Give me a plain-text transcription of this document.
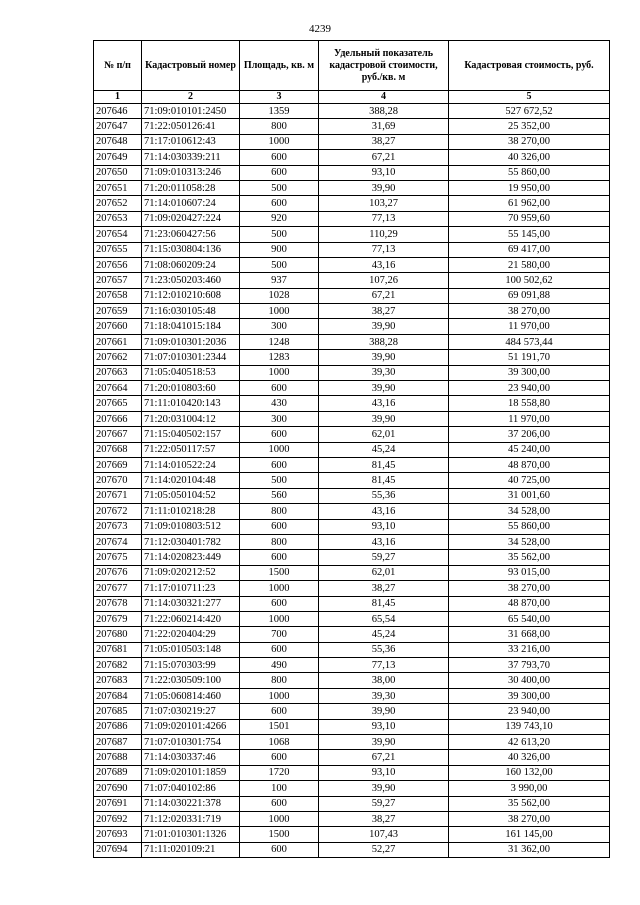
4239
№ п/п	Кадастровый номер	Площадь, кв. м	Удельный показатель кадастровой стоимости, руб./кв. м	Кадастровая стоимость, руб.
1	2	3	4	5
207646	71:09:010101:2450	1359	388,28	527 672,52
207647	71:22:050126:41	800	31,69	25 352,00
207648	71:17:010612:43	1000	38,27	38 270,00
207649	71:14:030339:211	600	67,21	40 326,00
207650	71:09:010313:246	600	93,10	55 860,00
207651	71:20:011058:28	500	39,90	19 950,00
207652	71:14:010607:24	600	103,27	61 962,00
207653	71:09:020427:224	920	77,13	70 959,60
207654	71:23:060427:56	500	110,29	55 145,00
207655	71:15:030804:136	900	77,13	69 417,00
207656	71:08:060209:24	500	43,16	21 580,00
207657	71:23:050203:460	937	107,26	100 502,62
207658	71:12:010210:608	1028	67,21	69 091,88
207659	71:16:030105:48	1000	38,27	38 270,00
207660	71:18:041015:184	300	39,90	11 970,00
207661	71:09:010301:2036	1248	388,28	484 573,44
207662	71:07:010301:2344	1283	39,90	51 191,70
207663	71:05:040518:53	1000	39,30	39 300,00
207664	71:20:010803:60	600	39,90	23 940,00
207665	71:11:010420:143	430	43,16	18 558,80
207666	71:20:031004:12	300	39,90	11 970,00
207667	71:15:040502:157	600	62,01	37 206,00
207668	71:22:050117:57	1000	45,24	45 240,00
207669	71:14:010522:24	600	81,45	48 870,00
207670	71:14:020104:48	500	81,45	40 725,00
207671	71:05:050104:52	560	55,36	31 001,60
207672	71:11:010218:28	800	43,16	34 528,00
207673	71:09:010803:512	600	93,10	55 860,00
207674	71:12:030401:782	800	43,16	34 528,00
207675	71:14:020823:449	600	59,27	35 562,00
207676	71:09:020212:52	1500	62,01	93 015,00
207677	71:17:010711:23	1000	38,27	38 270,00
207678	71:14:030321:277	600	81,45	48 870,00
207679	71:22:060214:420	1000	65,54	65 540,00
207680	71:22:020404:29	700	45,24	31 668,00
207681	71:05:010503:148	600	55,36	33 216,00
207682	71:15:070303:99	490	77,13	37 793,70
207683	71:22:030509:100	800	38,00	30 400,00
207684	71:05:060814:460	1000	39,30	39 300,00
207685	71:07:030219:27	600	39,90	23 940,00
207686	71:09:020101:4266	1501	93,10	139 743,10
207687	71:07:010301:754	1068	39,90	42 613,20
207688	71:14:030337:46	600	67,21	40 326,00
207689	71:09:020101:1859	1720	93,10	160 132,00
207690	71:07:040102:86	100	39,90	3 990,00
207691	71:14:030221:378	600	59,27	35 562,00
207692	71:12:020331:719	1000	38,27	38 270,00
207693	71:01:010301:1326	1500	107,43	161 145,00
207694	71:11:020109:21	600	52,27	31 362,00
